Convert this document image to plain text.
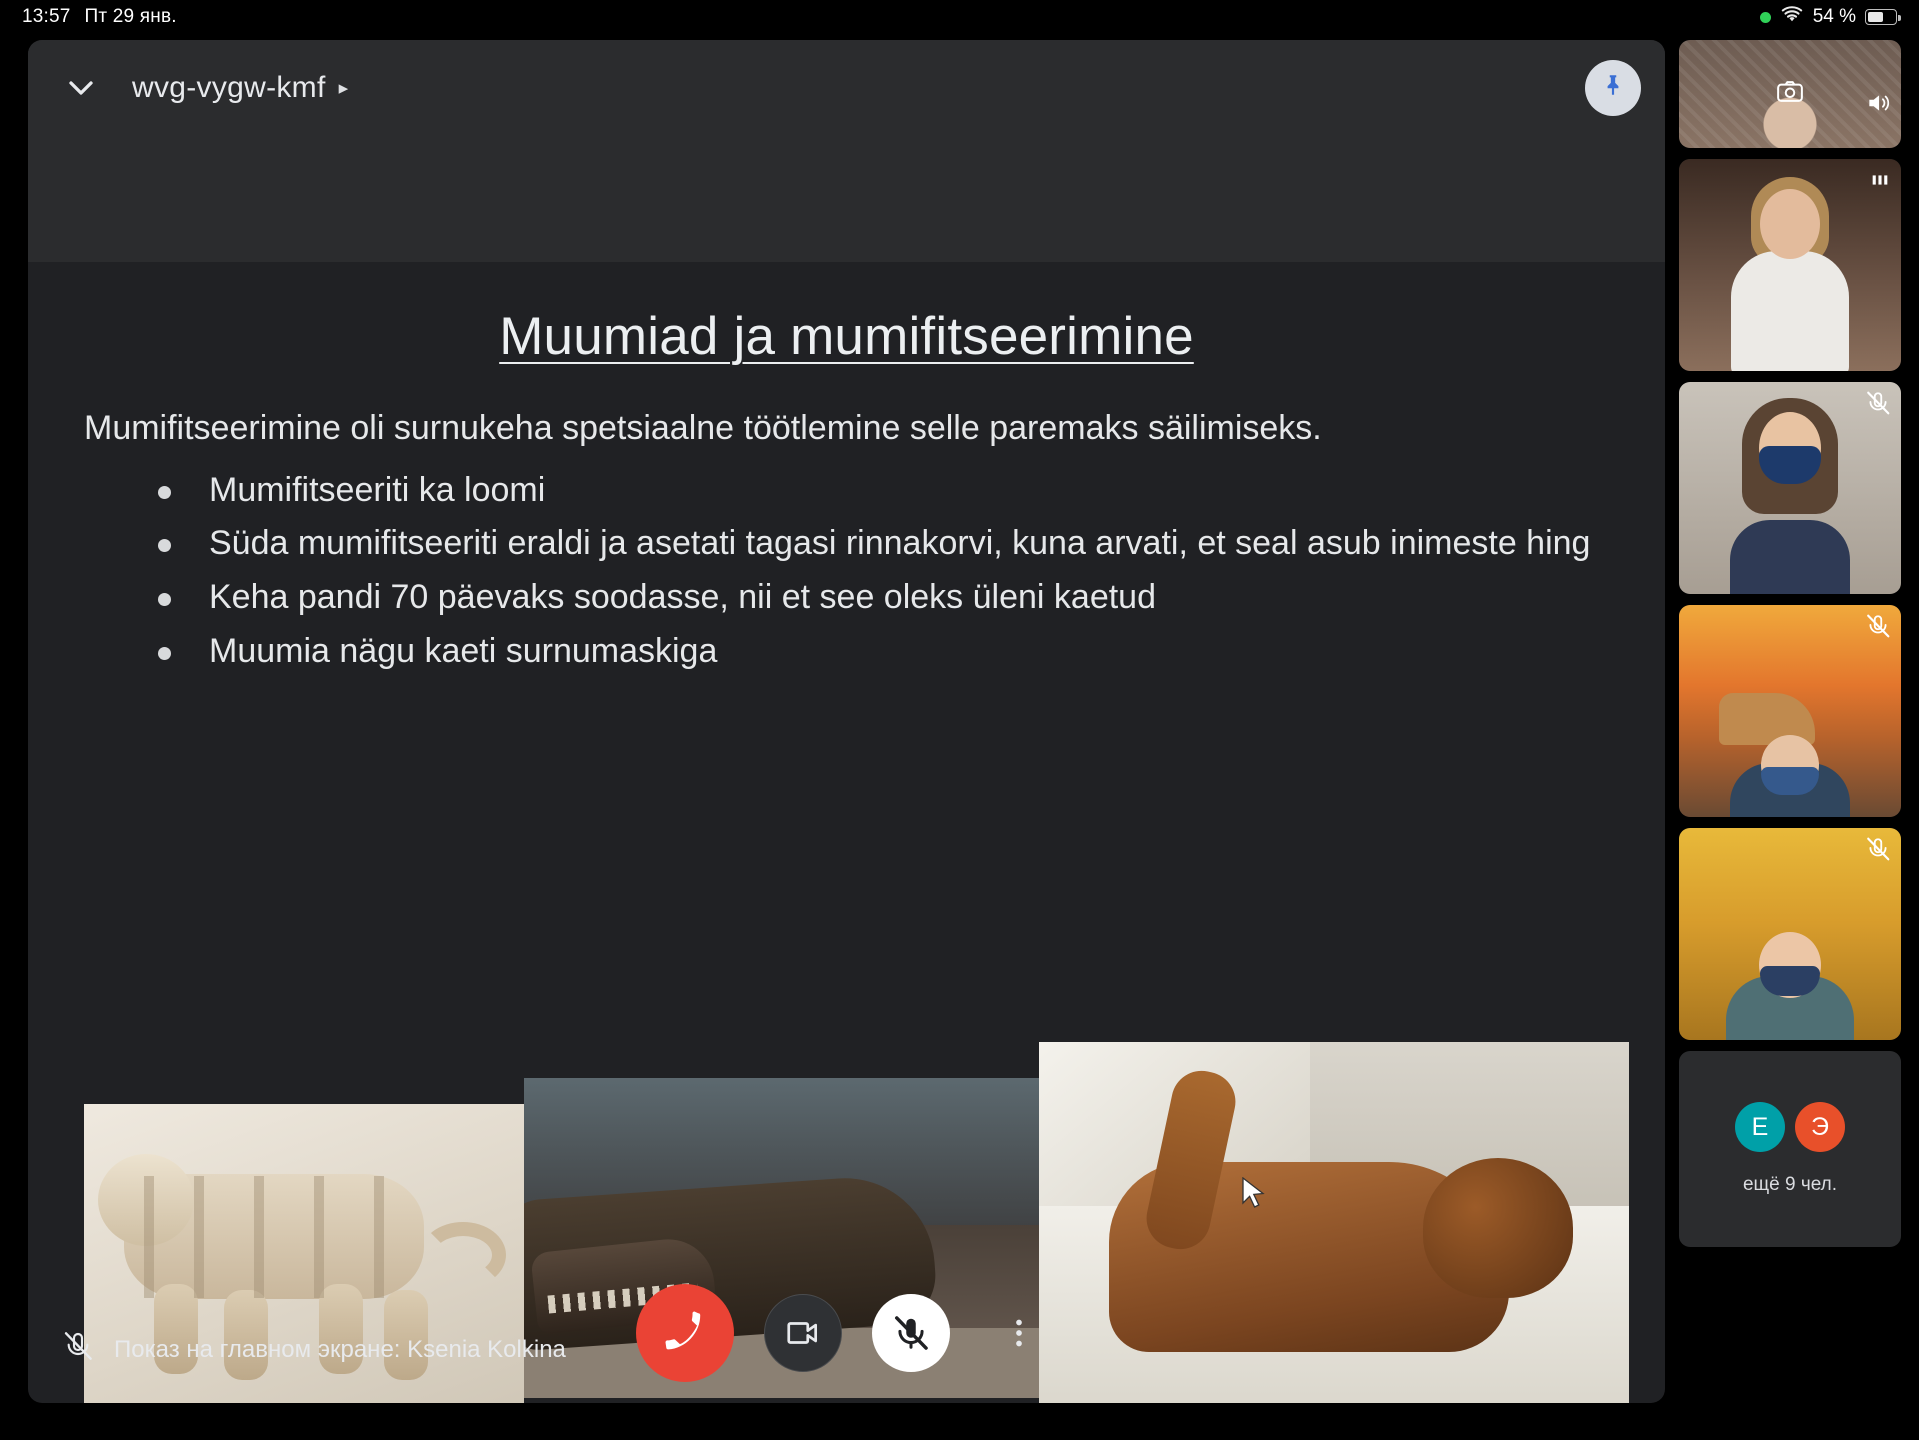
13:57 Пт 29 янв.	54 %
wvg-vygw-kmf ▸
Muumiad ja mumifitseerimine
Mumifitseerimine oli surnukeha spetsiaalne töötlemine selle paremaks säilimiseks.
Mumifitseeriti ka loomi
Süda mumifitseeriti eraldi ja asetati tagasi rinnakorvi, kuna arvati, et seal asub inimeste hing
Keha pandi 70 päevaks soodasse, nii et see oleks üleni kaetud
Muumia nägu kaeti surnumaskiga
Показ на главном экране: Ksenia Kolkina
Е Э
ещё 9 чел.
